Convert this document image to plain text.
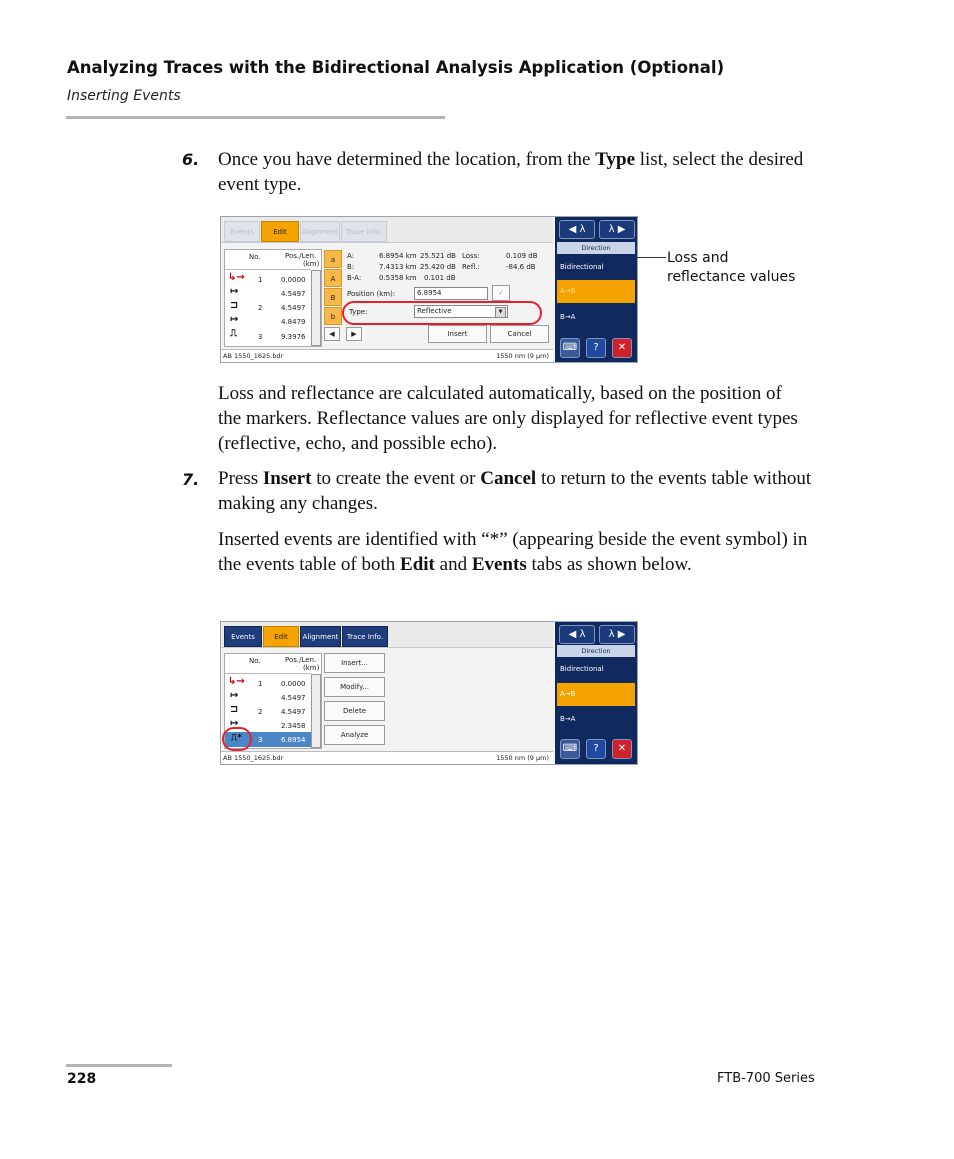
Analyzing Traces with the Bidirectional Analysis Application (Optional)
Inserting Events
6. Once you have determined the location, from the Type list, select the desired event type.
Events	Edit	Alignment	Trace Info.
No.	Pos./Len.
(km)
↳→ 1	0.0000
↦	4.5497
⊐	2	4.5497
↦	4.8479
⎍	3	9.3976
a
A
B
b
A:	6.8954 km 25.521 dB Loss:	0.109 dB
B:	7.4313 km 25.420 dB Refl.:	-84.6 dB
B-A:	0.5358 km 0.101 dB
Position (km):	6.8954	✓
Type:	Reflective	▼
◀	▶	Insert	Cancel
AB 1550_1625.bdr	1550 nm (9 µm)
◀ λ	λ ▶
Direction
Bidirectional
A→B
B→A
⌨	?	✕
Loss and
reflectance values
Loss and reflectance are calculated automatically, based on the position of the markers. Reflectance values are only displayed for reflective event types (reflective, echo, and possible echo).
7. Press Insert to create the event or Cancel to return to the events table without making any changes.
Inserted events are identified with “*” (appearing beside the event symbol) in the events table of both Edit and Events tabs as shown below.
Events	Edit	Alignment	Trace Info.
No.	Pos./Len.
(km)
↳→ 1	0.0000
↦	4.5497
⊐	2	4.5497
↦	2.3458
⎍* 3	6.8954
Insert...
Modify...
Delete
Analyze
AB 1550_1625.bdr	1550 nm (9 µm)
◀ λ	λ ▶
Direction
Bidirectional
A→B
B→A
⌨	?	✕
228	FTB-700 Series
